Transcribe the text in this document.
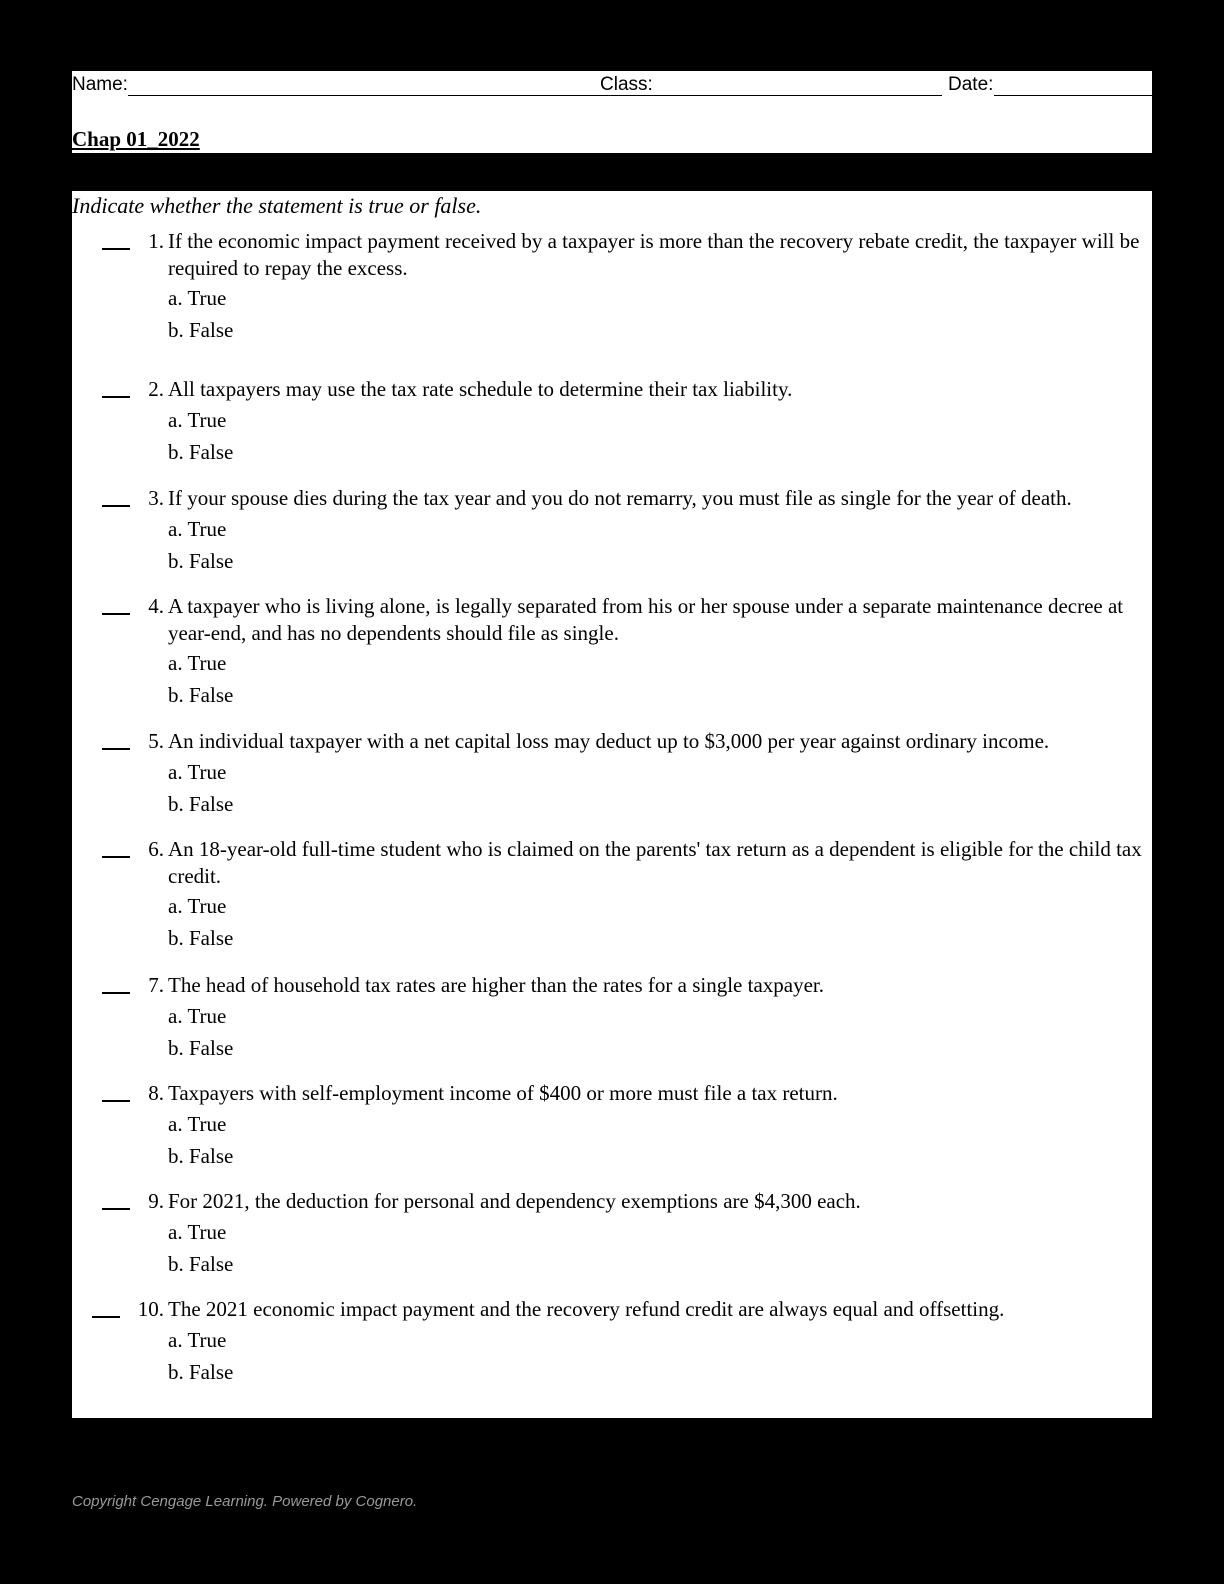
Name:	Class:	Date:
Chap 01_2022
Indicate whether the statement is true or false.
1. If the economic impact payment received by a taxpayer is more than the recovery rebate credit, the taxpayer will be required to repay the excess.
a. True
b. False
2. All taxpayers may use the tax rate schedule to determine their tax liability.
a. True
b. False
3. If your spouse dies during the tax year and you do not remarry, you must file as single for the year of death.
a. True
b. False
4. A taxpayer who is living alone, is legally separated from his or her spouse under a separate maintenance decree at year-end, and has no dependents should file as single.
a. True
b. False
5. An individual taxpayer with a net capital loss may deduct up to $3,000 per year against ordinary income.
a. True
b. False
6. An 18-year-old full-time student who is claimed on the parents' tax return as a dependent is eligible for the child tax credit.
a. True
b. False
7. The head of household tax rates are higher than the rates for a single taxpayer.
a. True
b. False
8. Taxpayers with self-employment income of $400 or more must file a tax return.
a. True
b. False
9. For 2021, the deduction for personal and dependency exemptions are $4,300 each.
a. True
b. False
10. The 2021 economic impact payment and the recovery refund credit are always equal and offsetting.
a. True
b. False
Copyright Cengage Learning. Powered by Cognero.
